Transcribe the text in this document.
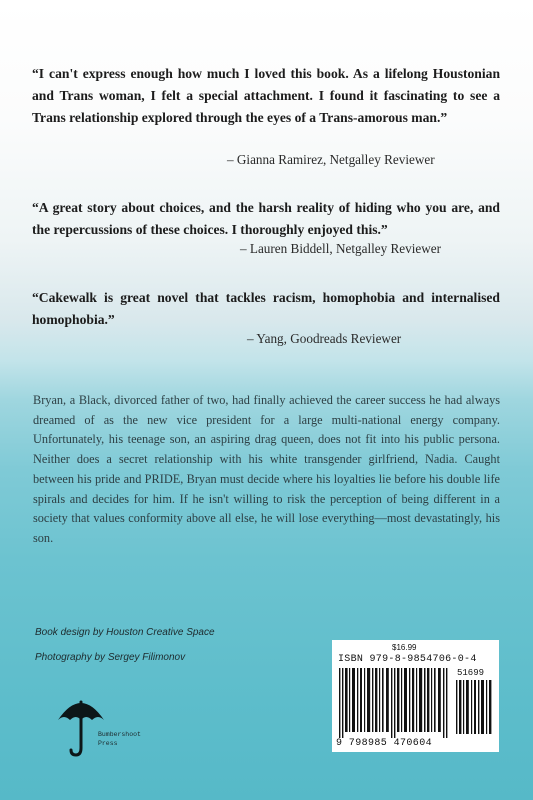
“I can't express enough how much I loved this book. As a lifelong Houstonian and Trans woman, I felt a special attachment. I found it fascinating to see a Trans relationship explored through the eyes of a Trans-amorous man.”
– Gianna Ramirez, Netgalley Reviewer
“A great story about choices, and the harsh reality of hiding who you are, and the repercussions of these choices. I thoroughly enjoyed this.”
– Lauren Biddell, Netgalley Reviewer
“Cakewalk is great novel that tackles racism, homophobia and internalised homophobia.”
– Yang, Goodreads Reviewer
Bryan, a Black, divorced father of two, had finally achieved the career success he had always dreamed of as the new vice president for a large multi-national energy company. Unfortunately, his teenage son, an aspiring drag queen, does not fit into his public persona. Neither does a secret relationship with his white transgender girlfriend, Nadia. Caught between his pride and PRIDE, Bryan must decide where his loyalties lie before his double life spirals and decides for him. If he isn't willing to risk the perception of being different in a society that values conformity above all else, he will lose everything—most devastatingly, his son.
Book design by Houston Creative Space
Photography by Sergey Filimonov
Bumbershoot
Press
$16.99
ISBN 979-8-9854706-0-4
51699
9 798985 470604
